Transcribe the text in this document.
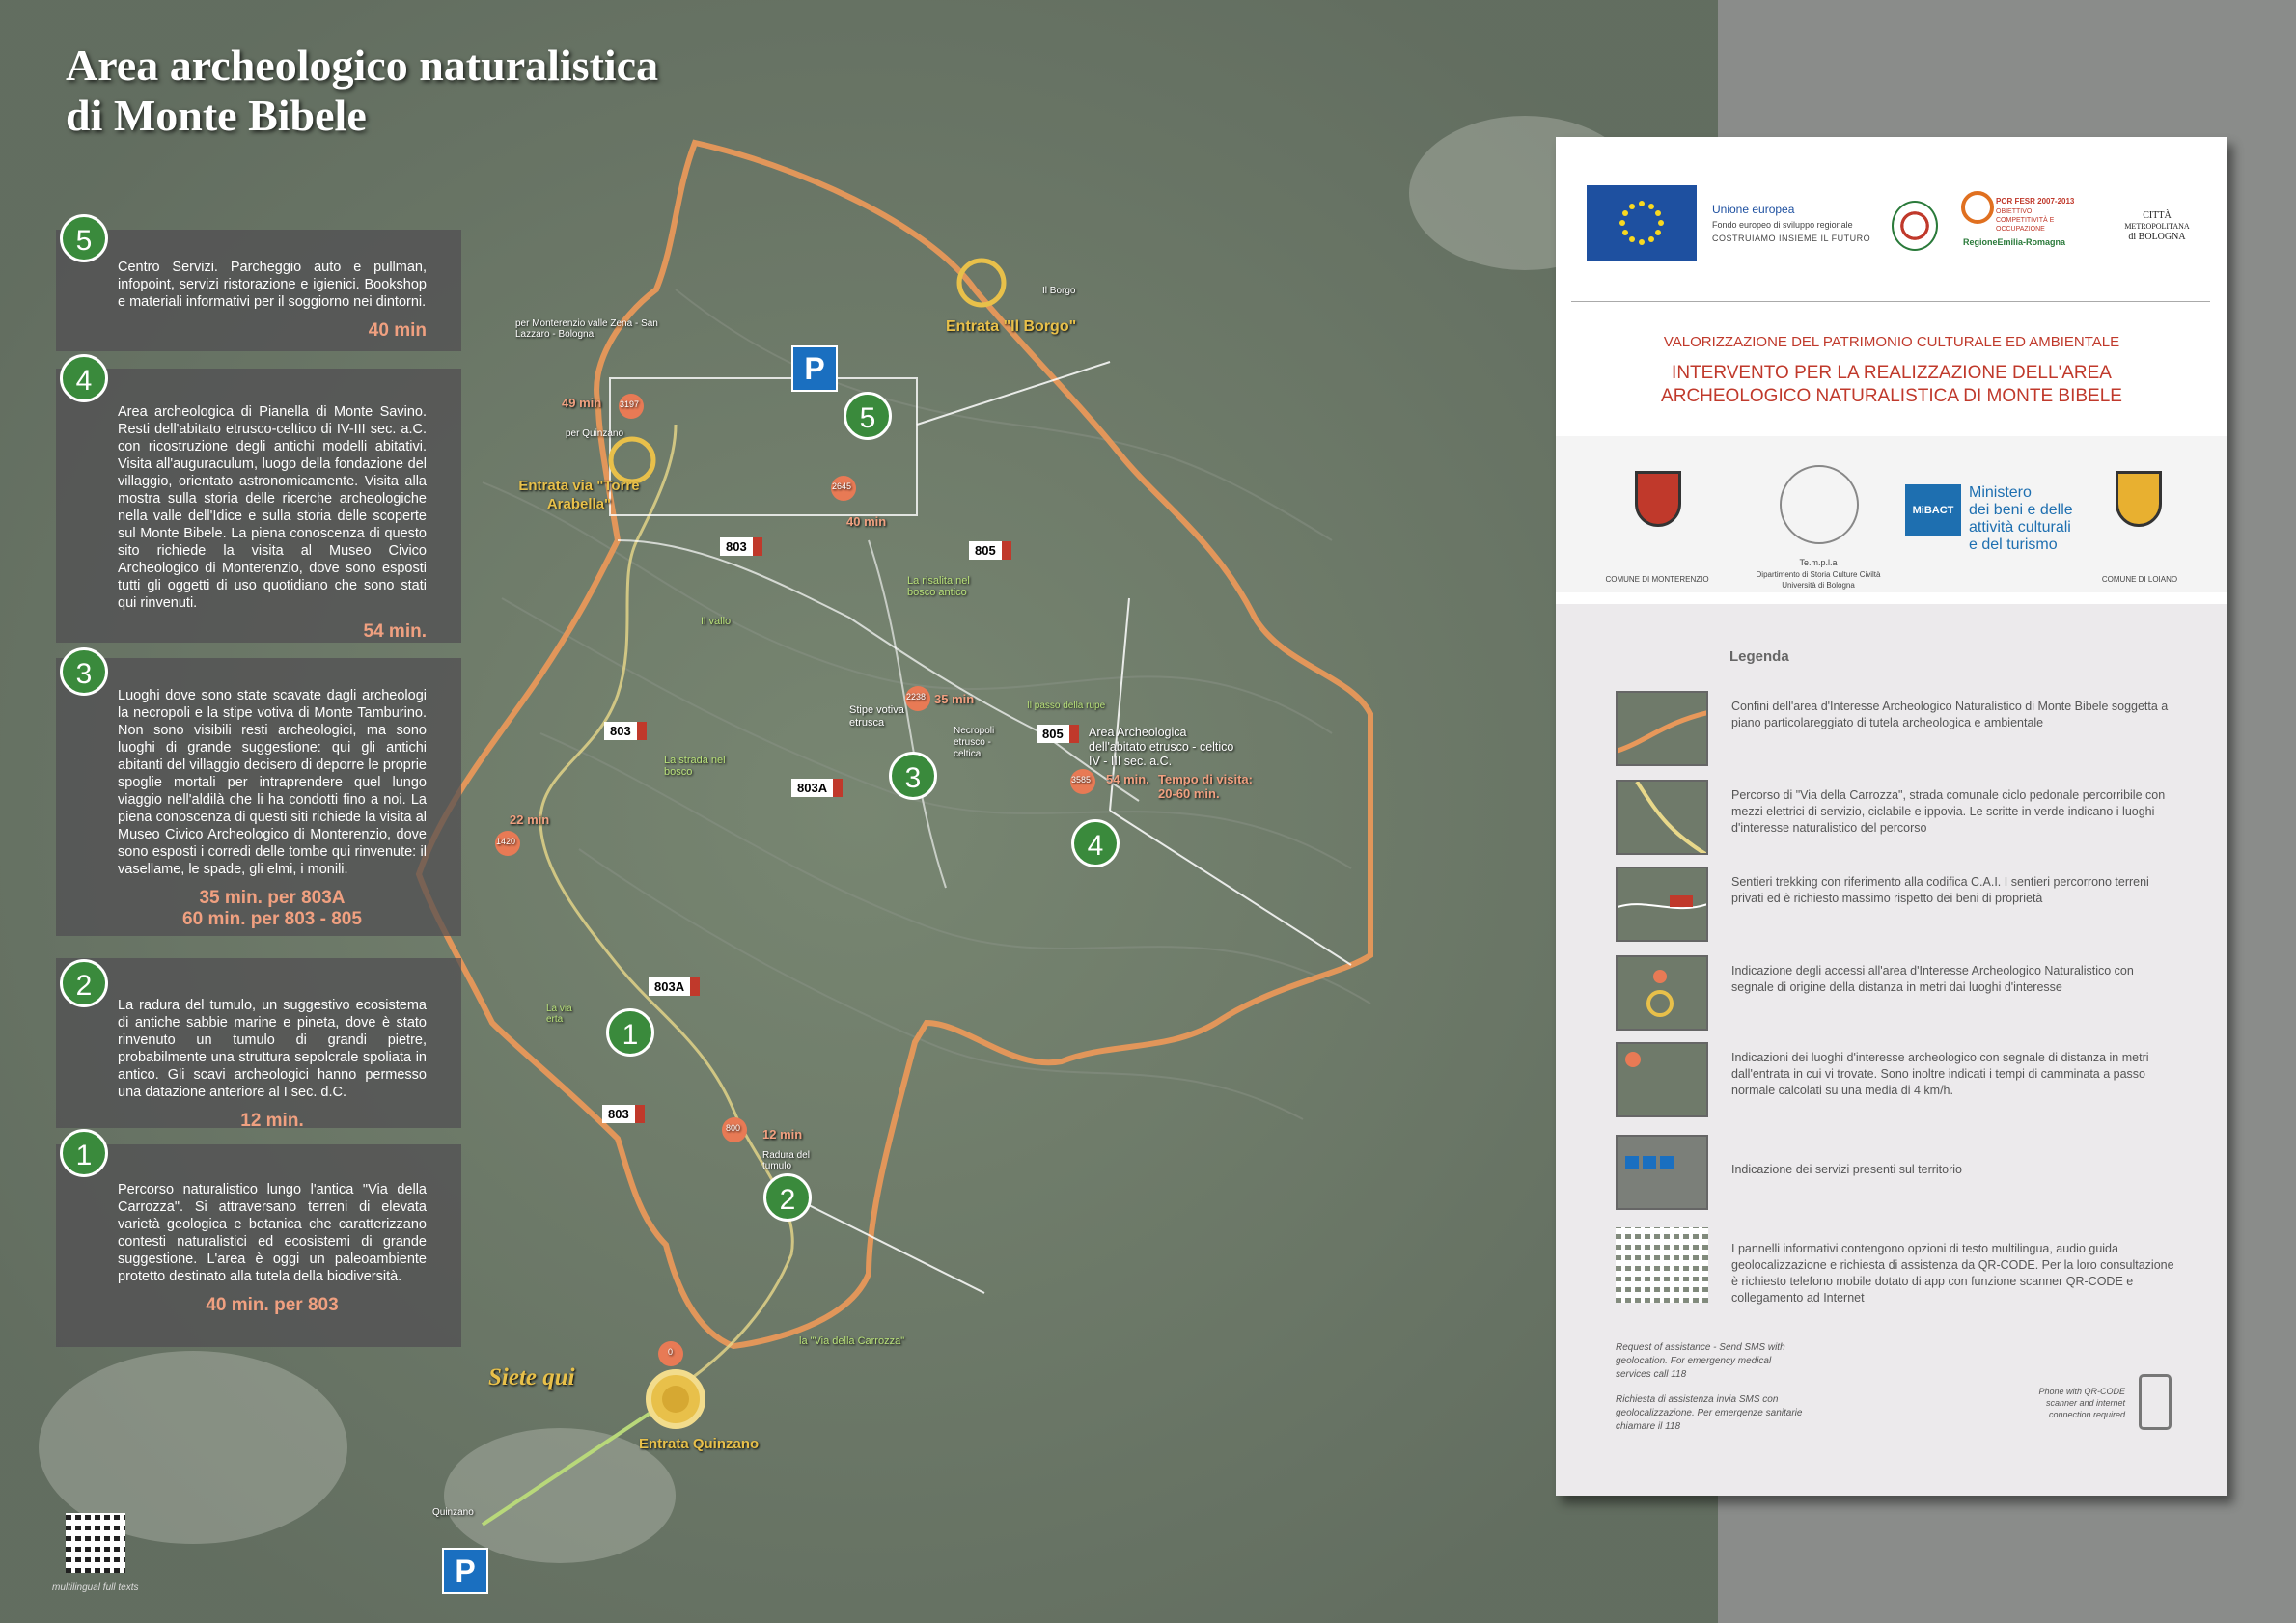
Area archeologico naturalistica
di Monte Bibele
Centro Servizi. Parcheggio auto e pullman, infopoint, servizi ristorazione e igienici. Bookshop e materiali informativi per il soggiorno nei dintorni.
40 min
5
Area archeologica di Pianella di Monte Savino. Resti dell'abitato etrusco-celtico di IV-III sec. a.C. con ricostruzione degli antichi modelli abitativi. Visita all'auguraculum, luogo della fondazione del villaggio, orientato astronomicamente. Visita alla mostra sulla storia delle ricerche archeologiche nella valle dell'Idice e sulla storia delle scoperte sul Monte Bibele. La piena conoscenza di questo sito richiede la visita al Museo Civico Archeologico di Monterenzio, dove sono esposti tutti gli oggetti di uso quotidiano che sono stati qui rinvenuti.
54 min.
4
Luoghi dove sono state scavate dagli archeologi la necropoli e la stipe votiva di Monte Tamburino. Non sono visibili resti archeologici, ma sono luoghi di grande suggestione: qui gli antichi abitanti del villaggio decisero di deporre le proprie spoglie mortali per intraprendere quel lungo viaggio nell'aldilà che li ha condotti fino a noi. La piena conoscenza di questi siti richiede la visita al Museo Civico Archeologico di Monterenzio, dove sono esposti i corredi delle tombe qui rinvenute: il vasellame, le spade, gli elmi, i monili.
35 min. per 803A
60 min. per 803 - 805
3
La radura del tumulo, un suggestivo ecosistema di antiche sabbie marine e pineta, dove è stato rinvenuto un tumulo di grandi pietre, probabilmente una struttura sepolcrale spoliata in antico. Gli scavi archeologici hanno permesso una datazione anteriore al I sec. d.C.
12 min.
2
Percorso naturalistico lungo l'antica "Via della Carrozza". Si attraversano terreni di elevata varietà geologica e botanica che caratterizzano contesti naturalistici ed ecosistemi di grande suggestione. L'area è oggi un paleoambiente protetto destinato alla tutela della biodiversità.
40 min. per 803
1
P
P
5
4
3
2
1
Entrata "Il Borgo"
Entrata via "Torre Arabella"
Entrata Quinzano
Siete qui
803	805
803	805
803A
803A
803
3197
2645
2238
3585
1420
800
0
49 min
40 min
35 min
22 min
12 min
54 min. Tempo di visita: 20-60 min.
Area Archeologica dell'abitato etrusco - celtico IV - III sec. a.C.
Stipe votiva etrusca
Necropoli etrusco - celtica
Radura del tumulo
La risalita nel bosco antico
La strada nel bosco
Il vallo
la "Via della Carrozza"
per Monterenzio valle Zena - San Lazzaro - Bologna
per Quinzano
Quinzano
Il Borgo
La via erta
Il passo della rupe
multilingual full texts
Unione europea
Fondo europeo di sviluppo regionale
COSTRUIAMO INSIEME IL FUTURO
POR FESR 2007-2013
OBIETTIVO COMPETITIVITÀ E OCCUPAZIONE
RegioneEmilia-Romagna
CITTÀ
METROPOLITANA
di BOLOGNA
VALORIZZAZIONE DEL PATRIMONIO CULTURALE ED AMBIENTALE
INTERVENTO PER LA REALIZZAZIONE DELL'AREA
ARCHEOLOGICO NATURALISTICA DI MONTE BIBELE
COMUNE DI MONTERENZIO
Te.m.p.l.a
Dipartimento di Storia Culture Civiltà
Università di Bologna
MiBACT
Ministero
dei beni e delle
attività culturali
e del turismo
COMUNE DI LOIANO
Legenda
Confini dell'area d'Interesse Archeologico Naturalistico di Monte Bibele soggetta a piano particolareggiato di tutela archeologica e ambientale
Percorso di "Via della Carrozza", strada comunale ciclo pedonale percorribile con mezzi elettrici di servizio, ciclabile e ippovia. Le scritte in verde indicano i luoghi d'interesse naturalistico del percorso
Sentieri trekking con riferimento alla codifica C.A.I. I sentieri percorrono terreni privati ed è richiesto massimo rispetto dei beni di proprietà
Indicazione degli accessi all'area d'Interesse Archeologico Naturalistico con segnale di origine della distanza in metri dai luoghi d'interesse
Indicazioni dei luoghi d'interesse archeologico con segnale di distanza in metri dall'entrata in cui vi trovate. Sono inoltre indicati i tempi di camminata a passo normale calcolati su una media di 4 km/h.
Indicazione dei servizi presenti sul territorio
I pannelli informativi contengono opzioni di testo multilingua, audio guida geolocalizzazione e richiesta di assistenza da QR-CODE. Per la loro consultazione è richiesto telefono mobile dotato di app con funzione scanner QR-CODE e collegamento ad Internet
Request of assistance - Send SMS with geolocation. For emergency medical services call 118
Richiesta di assistenza invia SMS con geolocalizzazione. Per emergenze sanitarie chiamare il 118
Phone with QR-CODE scanner and internet connection required
